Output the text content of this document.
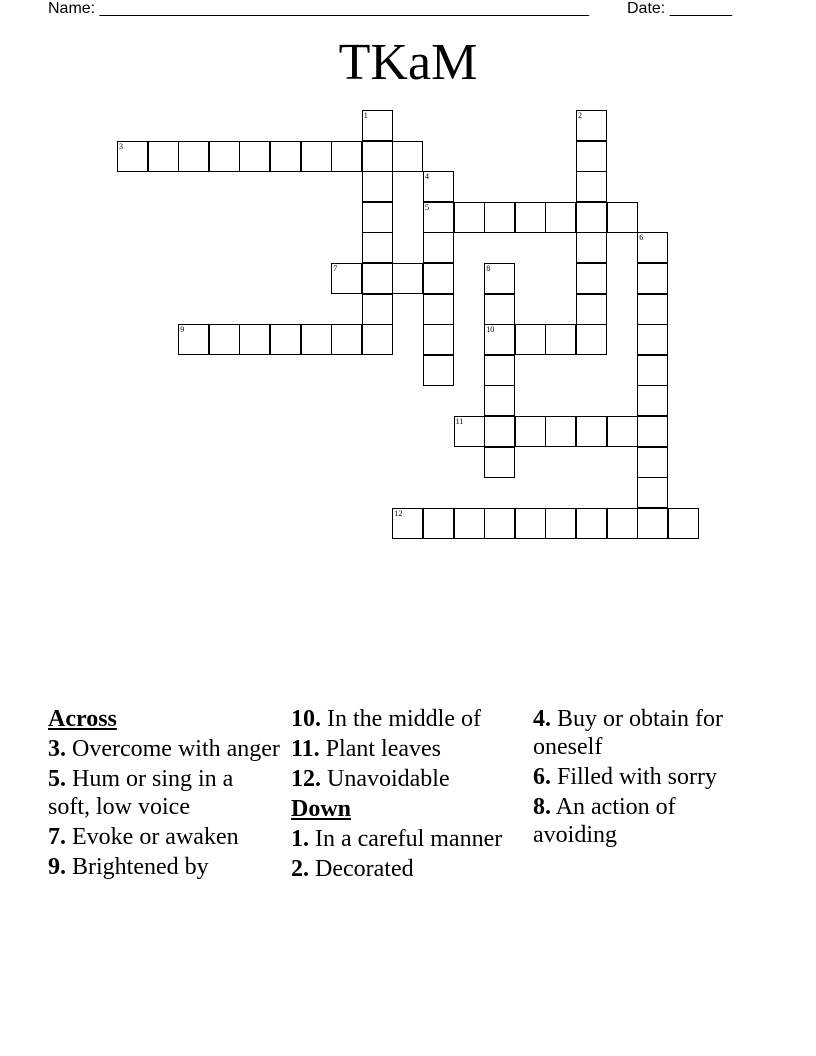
Name: _______________________________________________________ Date: _______
TKaM
1	2
3
4
5
6
7	8
9	10
11
12
Across
3. Overcome with anger
5. Hum or sing in a soft, low voice
7. Evoke or awaken
9. Brightened by
10. In the middle of
11. Plant leaves
12. Unavoidable
Down
1. In a careful manner
2. Decorated
4. Buy or obtain for oneself
6. Filled with sorry
8. An action of avoiding
